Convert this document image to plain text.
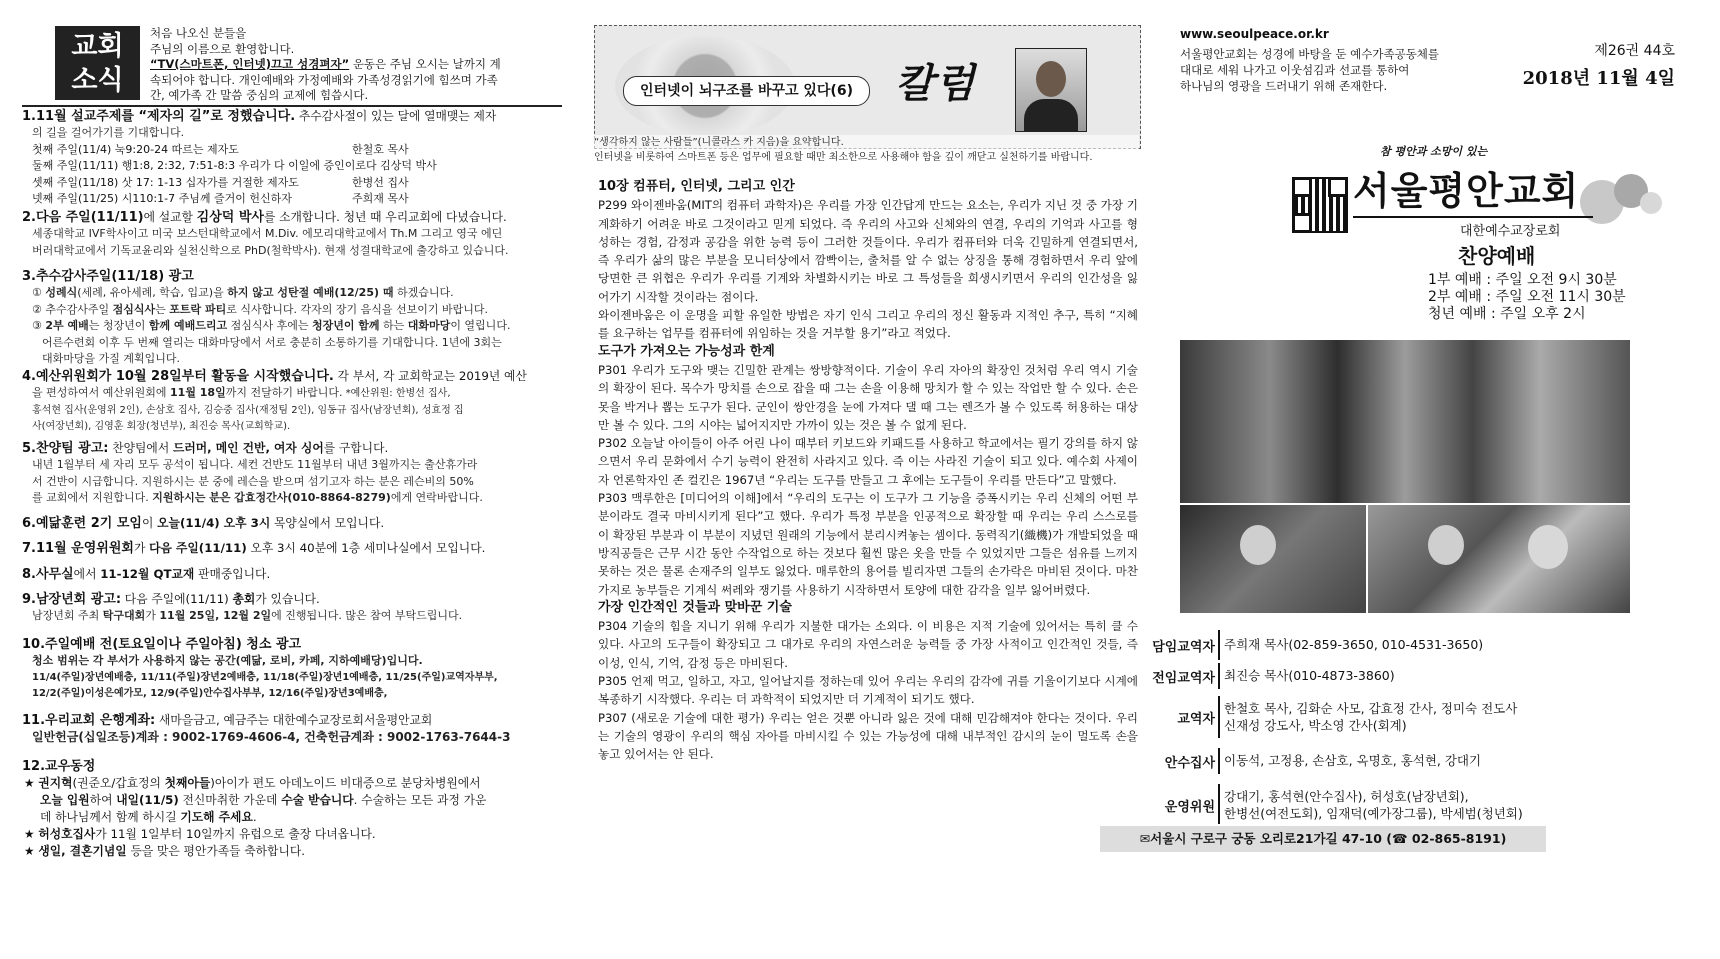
교회
소식
처음 나오신 분들을
주님의 이름으로 환영합니다.
“TV(스마트폰, 인터넷)끄고 성경펴자” 운동은 주님 오시는 날까지 계
속되어야 합니다. 개인예배와 가정예배와 가족성경읽기에 힘쓰며 가족
간, 예가족 간 말씀 중심의 교제에 힘씁시다.
1.11월 설교주제를 “제자의 길”로 정했습니다. 추수감사절이 있는 달에 열매맺는 제자
의 길을 걸어가기를 기대합니다.
첫째 주일(11/4) 눅9:20-24 따르는 제자도	한철호 목사
둘째 주일(11/11) 행1:8, 2:32, 7:51-8:3 우리가 다 이일에 증인이로다 김상덕 박사
셋째 주일(11/18) 삿 17: 1-13 십자가를 거절한 제자도	한병선 집사
넷째 주일(11/25) 시110:1-7 주님께 즐거이 헌신하자	주희재 목사
2.다음 주일(11/11)에 설교할 김상덕 박사를 소개합니다. 청년 때 우리교회에 다녔습니다.
세종대학교 IVF학사이고 미국 보스턴대학교에서 M.Div. 에모리대학교에서 Th.M 그리고 영국 에딘
버러대학교에서 기독교윤리와 실천신학으로 PhD(철학박사). 현재 성결대학교에 출강하고 있습니다.
3.추수감사주일(11/18) 광고
① 성례식(세례, 유아세례, 학습, 입교)을 하지 않고 성탄절 예배(12/25) 때 하겠습니다.
② 추수감사주일 점심식사는 포트락 파티로 식사합니다. 각자의 장기 음식을 선보이기 바랍니다.
③ 2부 예배는 청장년이 함께 예배드리고 점심식사 후에는 청장년이 함께 하는 대화마당이 열립니다.
어른수련회 이후 두 번째 열리는 대화마당에서 서로 충분히 소통하기를 기대합니다. 1년에 3회는
대화마당을 가질 계획입니다.
4.예산위원회가 10월 28일부터 활동을 시작했습니다. 각 부서, 각 교회학교는 2019년 예산
을 편성하여서 예산위원회에 11월 18일까지 전달하기 바랍니다. *예산위원: 한병선 집사,
홍석현 집사(운영위 2인), 손삼호 집사, 김승중 집사(재정팀 2인), 임동규 집사(남장년회), 성효정 집
사(여장년회), 김영훈 회장(청년부), 최진승 목사(교회학교).
5.찬양팀 광고: 찬양팀에서 드러머, 메인 건반, 여자 싱어를 구합니다.
내년 1월부터 세 자리 모두 공석이 됩니다. 세컨 건반도 11월부터 내년 3월까지는 출산휴가라
서 건반이 시급합니다. 지원하시는 분 중에 레슨을 받으며 섬기고자 하는 분은 레슨비의 50%
를 교회에서 지원합니다. 지원하시는 분은 갑효정간사(010-8864-8279)에게 연락바랍니다.
6.예닮훈련 2기 모임이 오늘(11/4) 오후 3시 목양실에서 모입니다.
7.11월 운영위원회가 다음 주일(11/11) 오후 3시 40분에 1층 세미나실에서 모입니다.
8.사무실에서 11-12월 QT교재 판매중입니다.
9.남장년회 광고: 다음 주일에(11/11) 총회가 있습니다.
남장년회 주최 탁구대회가 11월 25일, 12월 2일에 진행됩니다. 많은 참여 부탁드립니다.
10.주일예배 전(토요일이나 주일아침) 청소 광고
청소 범위는 각 부서가 사용하지 않는 공간(예닮, 로비, 카페, 지하예배당)입니다.
11/4(주일)장년예배층, 11/11(주일)장년2예배층, 11/18(주일)장년1예배층, 11/25(주일)교역자부부,
12/2(주일)이성은예가모, 12/9(주일)안수집사부부, 12/16(주일)장년3예배층,
11.우리교회 은행계좌: 새마을금고, 예금주는 대한예수교장로회서울평안교회
일반헌금(십일조등)계좌 : 9002-1769-4606-4, 건축헌금계좌 : 9002-1763-7644-3
12.교우동정
★ 권지혁(권준오/갑효정의 첫째아들)아이가 편도 아데노이드 비대증으로 분당차병원에서
오늘 입원하여 내일(11/5) 전신마취한 가운데 수술 받습니다. 수술하는 모든 과정 가운
데 하나님께서 함께 하시길 기도해 주세요.
★ 허성호집사가 11월 1일부터 10일까지 유럽으로 출장 다녀옵니다.
★ 생일, 결혼기념일 등을 맞은 평안가족들 축하합니다.
인터넷이 뇌구조를 바꾸고 있다(6)	칼럼
“생각하지 않는 사람들”(니콜라스 카 지음)을 요약합니다.
인터넷을 비롯하여 스마트폰 등은 업무에 필요할 때만 최소한으로 사용해야 함을 깊이 깨닫고 실천하기를 바랍니다.
10장 컴퓨터, 인터넷, 그리고 인간
P299 와이젠바움(MIT의 컴퓨터 과학자)은 우리를 가장 인간답게 만드는 요소는, 우리가 지닌 것 중 가장 기계화하기 어려운 바로 그것이라고 믿게 되었다. 즉 우리의 사고와 신체와의 연결, 우리의 기억과 사고를 형성하는 경험, 감정과 공감을 위한 능력 등이 그러한 것들이다. 우리가 컴퓨터와 더욱 긴밀하게 연결되면서, 즉 우리가 삶의 많은 부분을 모니터상에서 깜빡이는, 출처를 알 수 없는 상징을 통해 경험하면서 우리 앞에 당면한 큰 위협은 우리가 우리를 기계와 차별화시키는 바로 그 특성들을 희생시키면서 우리의 인간성을 잃어가기 시작할 것이라는 점이다.
와이젠바움은 이 운명을 피할 유일한 방법은 자기 인식 그리고 우리의 정신 활동과 지적인 추구, 특히 “지혜를 요구하는 업무를 컴퓨터에 위임하는 것을 거부할 용기”라고 적었다.
도구가 가져오는 가능성과 한계
P301 우리가 도구와 맺는 긴밀한 관계는 쌍방향적이다. 기술이 우리 자아의 확장인 것처럼 우리 역시 기술의 확장이 된다. 목수가 망치를 손으로 잡을 때 그는 손을 이용해 망치가 할 수 있는 작업만 할 수 있다. 손은 못을 박거나 뽑는 도구가 된다. 군인이 쌍안경을 눈에 가져다 댈 때 그는 렌즈가 볼 수 있도록 허용하는 대상만 볼 수 있다. 그의 시야는 넓어지지만 가까이 있는 것은 볼 수 없게 된다.
P302 오늘날 아이들이 아주 어린 나이 때부터 키보드와 키패드를 사용하고 학교에서는 필기 강의를 하지 않으면서 우리 문화에서 수기 능력이 완전히 사라지고 있다. 즉 이는 사라진 기술이 되고 있다. 예수회 사제이자 언론학자인 존 컬킨은 1967년 “우리는 도구를 만들고 그 후에는 도구들이 우리를 만든다”고 말했다.
P303 맥루한은 [미디어의 이해]에서 “우리의 도구는 이 도구가 그 기능을 증폭시키는 우리 신체의 어떤 부분이라도 결국 마비시키게 된다”고 했다. 우리가 특정 부분을 인공적으로 확장할 때 우리는 우리 스스로를 이 확장된 부분과 이 부분이 지녔던 원래의 기능에서 분리시켜놓는 셈이다. 동력직기(織機)가 개발되었을 때 방직공들은 근무 시간 동안 수작업으로 하는 것보다 훨씬 많은 옷을 만들 수 있었지만 그들은 섬유를 느끼지 못하는 것은 물론 손재주의 일부도 잃었다. 매루한의 용어를 빌리자면 그들의 손가락은 마비된 것이다. 마찬가지로 농부들은 기계식 써레와 쟁기를 사용하기 시작하면서 토양에 대한 감각을 일부 잃어버렸다.
가장 인간적인 것들과 맞바꾼 기술
P304 기술의 힘을 지니기 위해 우리가 지불한 대가는 소외다. 이 비용은 지적 기술에 있어서는 특히 클 수 있다. 사고의 도구들이 확장되고 그 대가로 우리의 자연스러운 능력들 중 가장 사적이고 인간적인 것들, 즉 이성, 인식, 기억, 감정 등은 마비된다.
P305 언제 먹고, 일하고, 자고, 일어날지를 정하는데 있어 우리는 우리의 감각에 귀를 기울이기보다 시계에 복종하기 시작했다. 우리는 더 과학적이 되었지만 더 기계적이 되기도 했다.
P307 (새로운 기술에 대한 평가) 우리는 얻은 것뿐 아니라 잃은 것에 대해 민감해져야 한다는 것이다. 우리는 기술의 영광이 우리의 핵심 자아를 마비시킬 수 있는 가능성에 대해 내부적인 감시의 눈이 멀도록 손을 놓고 있어서는 안 된다.
www.seoulpeace.or.kr
서울평안교회는 성경에 바탕을 둔 예수가족공동체를
대대로 세워 나가고 이웃섬김과 선교를 통하여
하나님의 영광을 드러내기 위해 존재한다.
제26권 44호
2018년 11월 4일
참 평안과 소망이 있는
서울평안교회
대한예수교장로회
찬양예배
1부 예배 : 주일 오전 9시 30분
2부 예배 : 주일 오전 11시 30분
청년 예배 : 주일 오후 2시
담임교역자 주희재 목사(02-859-3650, 010-4531-3650)
전임교역자 최진승 목사(010-4873-3860)
교역자
한철호 목사, 김화순 사모, 갑효정 간사, 정미숙 전도사
신재성 강도사, 박소영 간사(회계)
안수집사 이동석, 고정용, 손삼호, 옥명호, 홍석현, 강대기
운영위원
강대기, 홍석현(안수집사), 허성호(남장년회),
한병선(여전도회), 임재덕(예가장그룹), 박세범(청년회)
✉서울시 구로구 궁동 오리로21가길 47-10 (☎ 02-865-8191)
